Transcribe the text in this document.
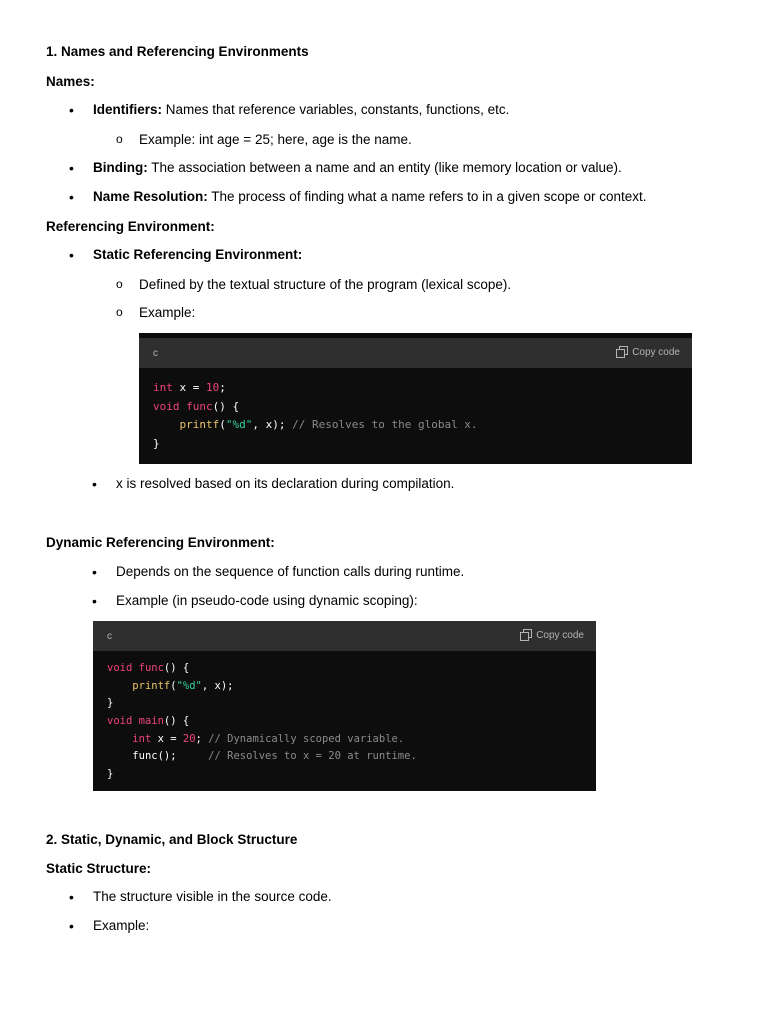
1. Names and Referencing Environments
Names:
• Identifiers: Names that reference variables, constants, functions, etc.
o Example: int age = 25; here, age is the name.
• Binding: The association between a name and an entity (like memory location or value).
• Name Resolution: The process of finding what a name refers to in a given scope or context.
Referencing Environment:
• Static Referencing Environment:
o Defined by the textual structure of the program (lexical scope).
o Example:
c	Copy code
int x = 10;
void func() {
printf("%d", x); // Resolves to the global x.
}
• x is resolved based on its declaration during compilation.
Dynamic Referencing Environment:
• Depends on the sequence of function calls during runtime.
• Example (in pseudo-code using dynamic scoping):
c	Copy code
void func() {
printf("%d", x);
}
void main() {
int x = 20; // Dynamically scoped variable.
func();     // Resolves to x = 20 at runtime.
}
2. Static, Dynamic, and Block Structure
Static Structure:
• The structure visible in the source code.
• Example:
